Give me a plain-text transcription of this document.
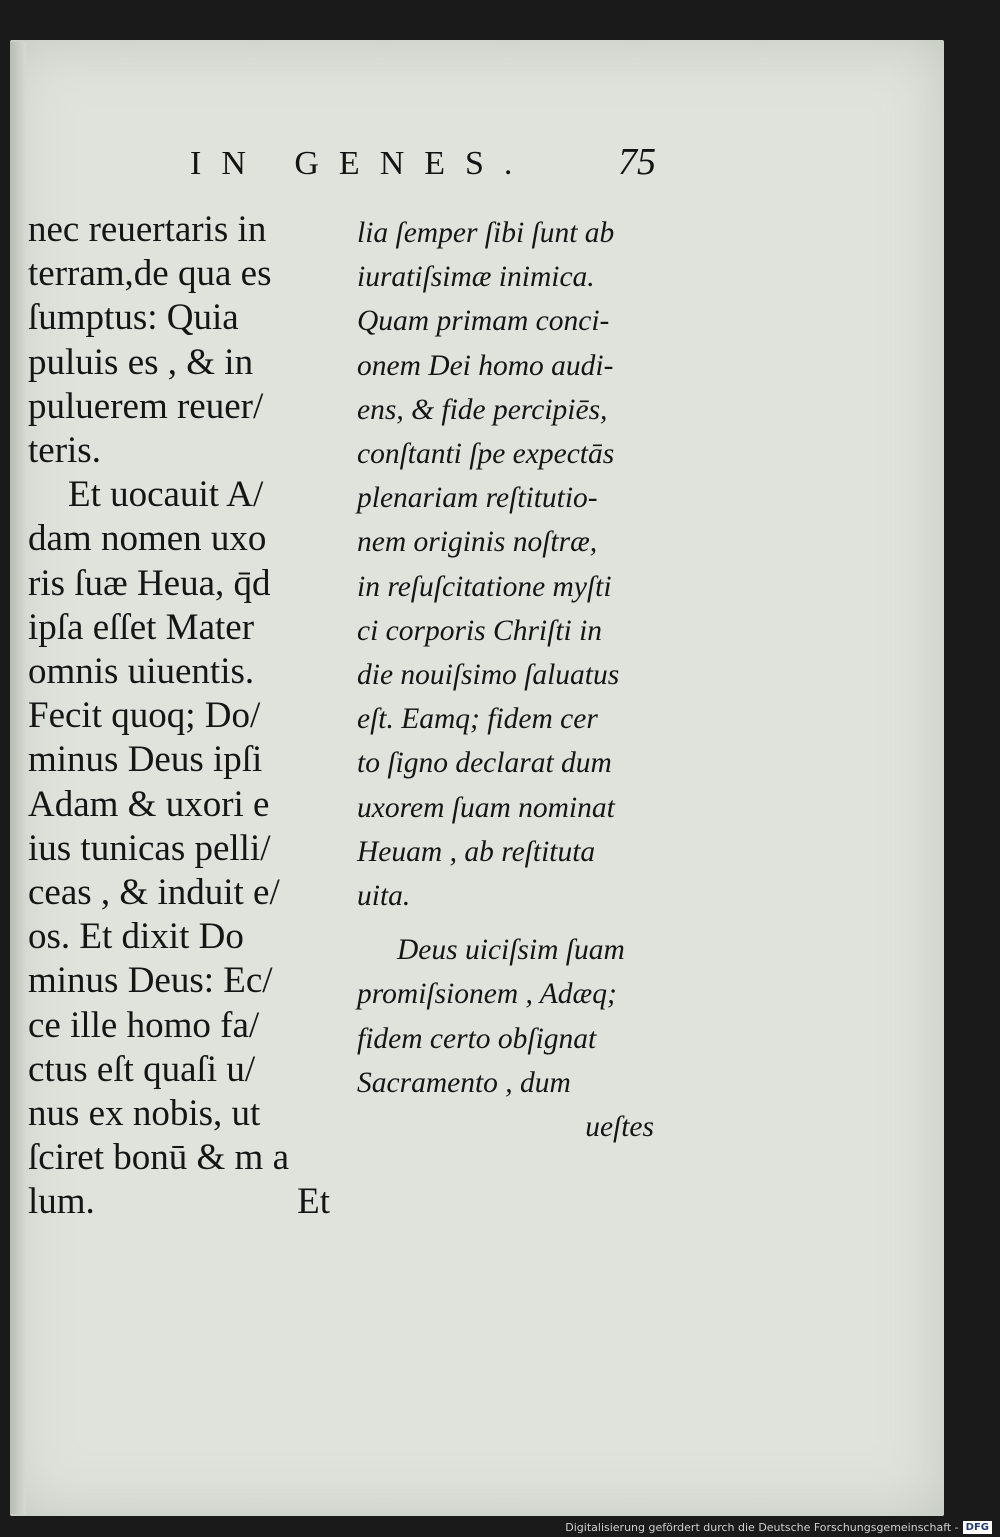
IN GENES. 75
nec reuertaris in
terram,de qua es
ſumptus: Quia
puluis es , & in
puluerem reuer/
teris.
Et uocauit A/
dam nomen uxo
ris ſuæ Heua, q̄d
ipſa eſſet Mater
omnis uiuentis.
Fecit quoq; Do/
minus Deus ipſi
Adam & uxori e
ius tunicas pelli/
ceas , & induit e/
os. Et dixit Do
minus Deus: Ec/
ce ille homo fa/
ctus eſt quaſi u/
nus ex nobis, ut
ſciret bonū & m a
lum.	Et
lia ſemper ſibi ſunt ab
iuratiſsimæ inimica.
Quam primam conci-
onem Dei homo audi-
ens, & fide percipiēs,
conſtanti ſpe expectās
plenariam reſtitutio-
nem originis noſtræ,
in reſuſcitatione myſti
ci corporis Chriſti in
die nouiſsimo ſaluatus
eſt. Eamq; fidem cer
to ſigno declarat dum
uxorem ſuam nominat
Heuam , ab reſtituta
uita.
Deus uiciſsim ſuam
promiſsionem , Adæq;
fidem certo obſignat
Sacramento , dum
ueſtes
Digitalisierung gefördert durch die Deutsche Forschungsgemeinschaft - DFG
